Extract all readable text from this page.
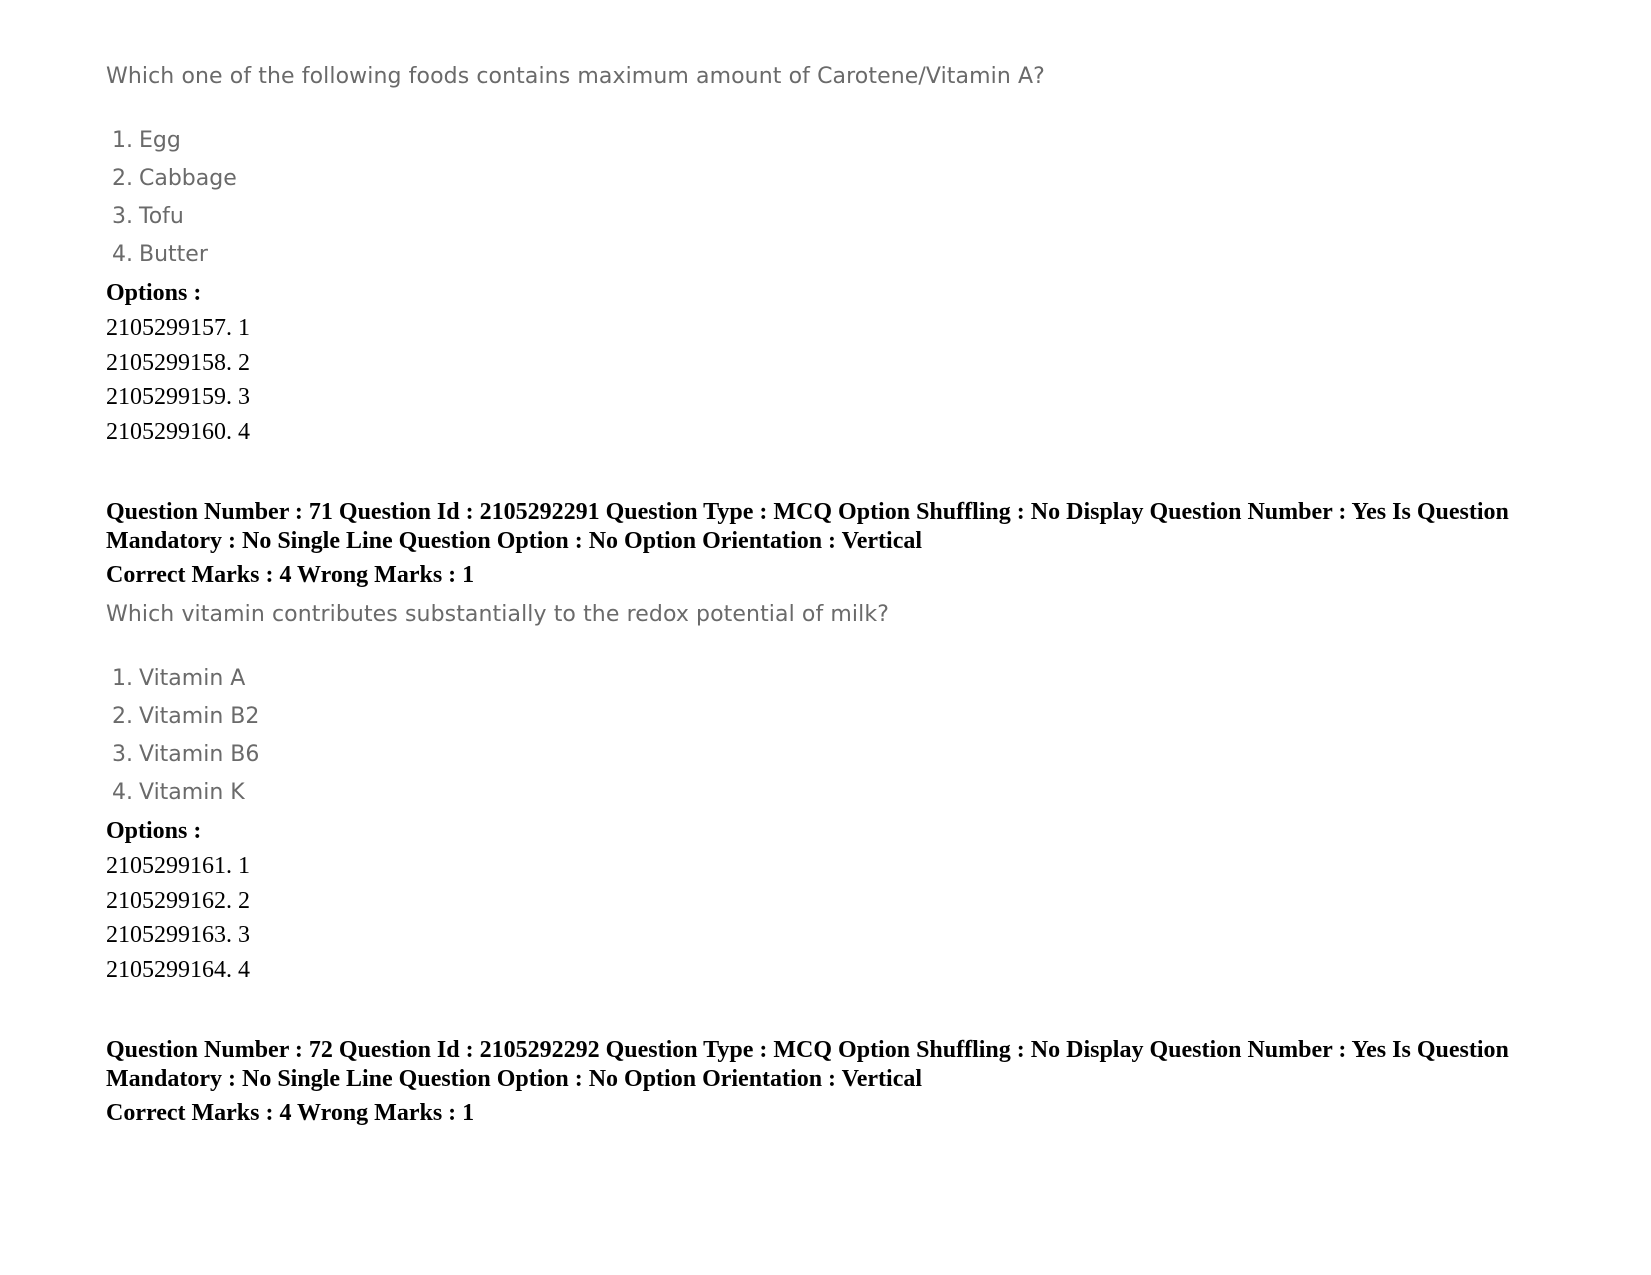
Which one of the following foods contains maximum amount of Carotene/Vitamin A?
1. Egg
2. Cabbage
3. Tofu
4. Butter
Options :
2105299157. 1
2105299158. 2
2105299159. 3
2105299160. 4
Question Number : 71 Question Id : 2105292291 Question Type : MCQ Option Shuffling : No Display Question Number : Yes Is Question Mandatory : No Single Line Question Option : No Option Orientation : Vertical
Correct Marks : 4 Wrong Marks : 1
Which vitamin contributes substantially to the redox potential of milk?
1. Vitamin A
2. Vitamin B2
3. Vitamin B6
4. Vitamin K
Options :
2105299161. 1
2105299162. 2
2105299163. 3
2105299164. 4
Question Number : 72 Question Id : 2105292292 Question Type : MCQ Option Shuffling : No Display Question Number : Yes Is Question Mandatory : No Single Line Question Option : No Option Orientation : Vertical
Correct Marks : 4 Wrong Marks : 1
